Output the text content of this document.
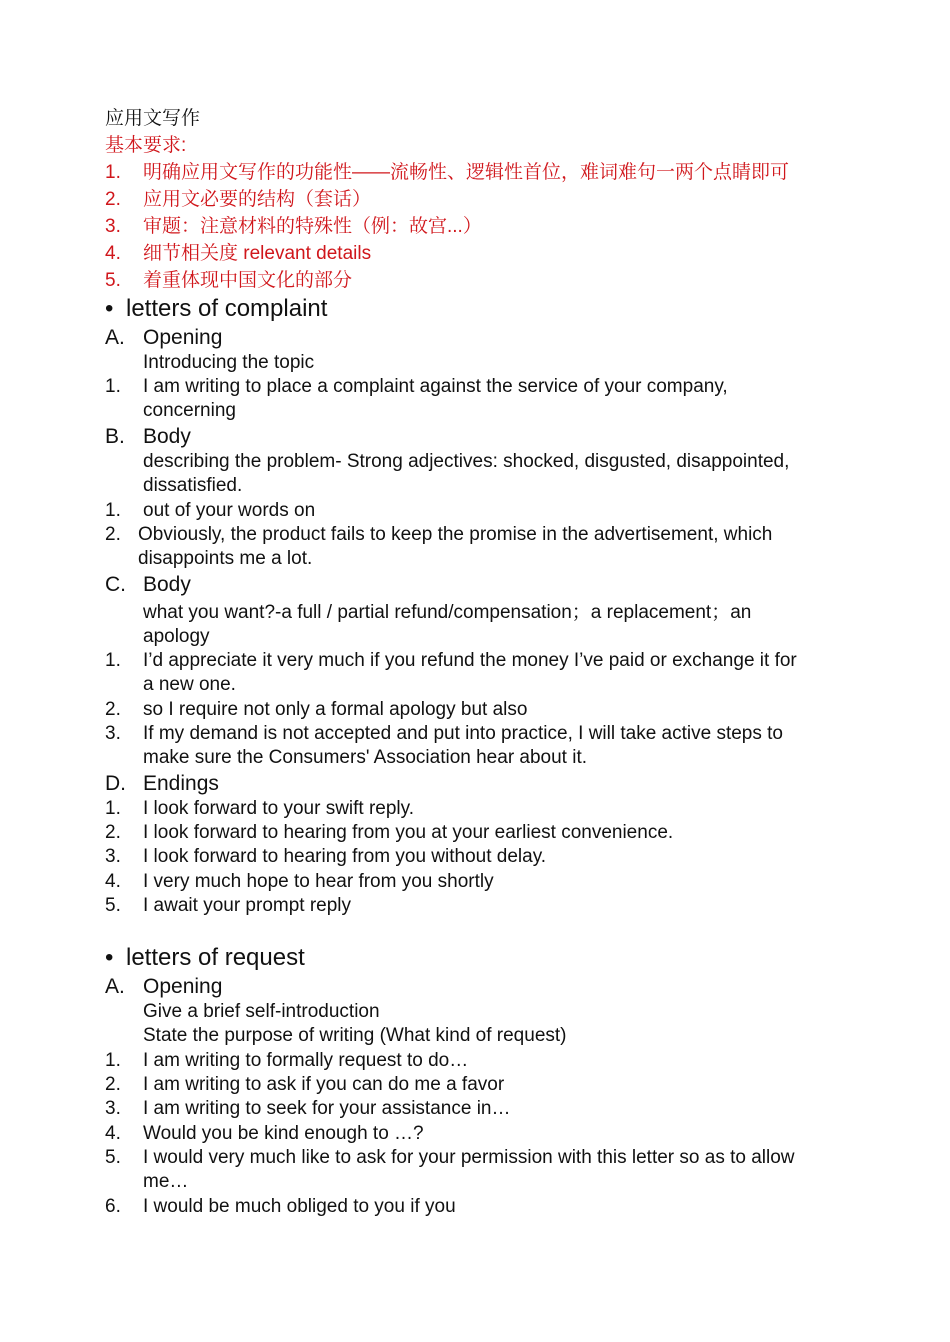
应用文写作
基本要求:
1. 明确应用文写作的功能性——流畅性、逻辑性首位，难词难句一两个点睛即可
2. 应用文必要的结构（套话）
3. 审题：注意材料的特殊性（例：故宫...）
4. 细节相关度 relevant details
5. 着重体现中国文化的部分
• letters of complaint
A. Opening
Introducing the topic
1. I am writing to place a complaint against the service of your company,
concerning
B. Body
describing the problem- Strong adjectives: shocked, disgusted, disappointed,
dissatisfied.
1. out of your words on
2. Obviously, the product fails to keep the promise in the advertisement, which
disappoints me a lot.
C. Body
what you want?-a full / partial refund/compensation；a replacement；an
apology
1. I’d appreciate it very much if you refund the money I’ve paid or exchange it for
a new one.
2. so I require not only a formal apology but also
3. If my demand is not accepted and put into practice, I will take active steps to
make sure the Consumers' Association hear about it.
D. Endings
1. I look forward to your swift reply.
2. I look forward to hearing from you at your earliest convenience.
3. I look forward to hearing from you without delay.
4. I very much hope to hear from you shortly
5. I await your prompt reply
• letters of request
A. Opening
Give a brief self-introduction
State the purpose of writing (What kind of request)
1. I am writing to formally request to do…
2. I am writing to ask if you can do me a favor
3. I am writing to seek for your assistance in…
4. Would you be kind enough to …?
5. I would very much like to ask for your permission with this letter so as to allow
me…
6. I would be much obliged to you if you
